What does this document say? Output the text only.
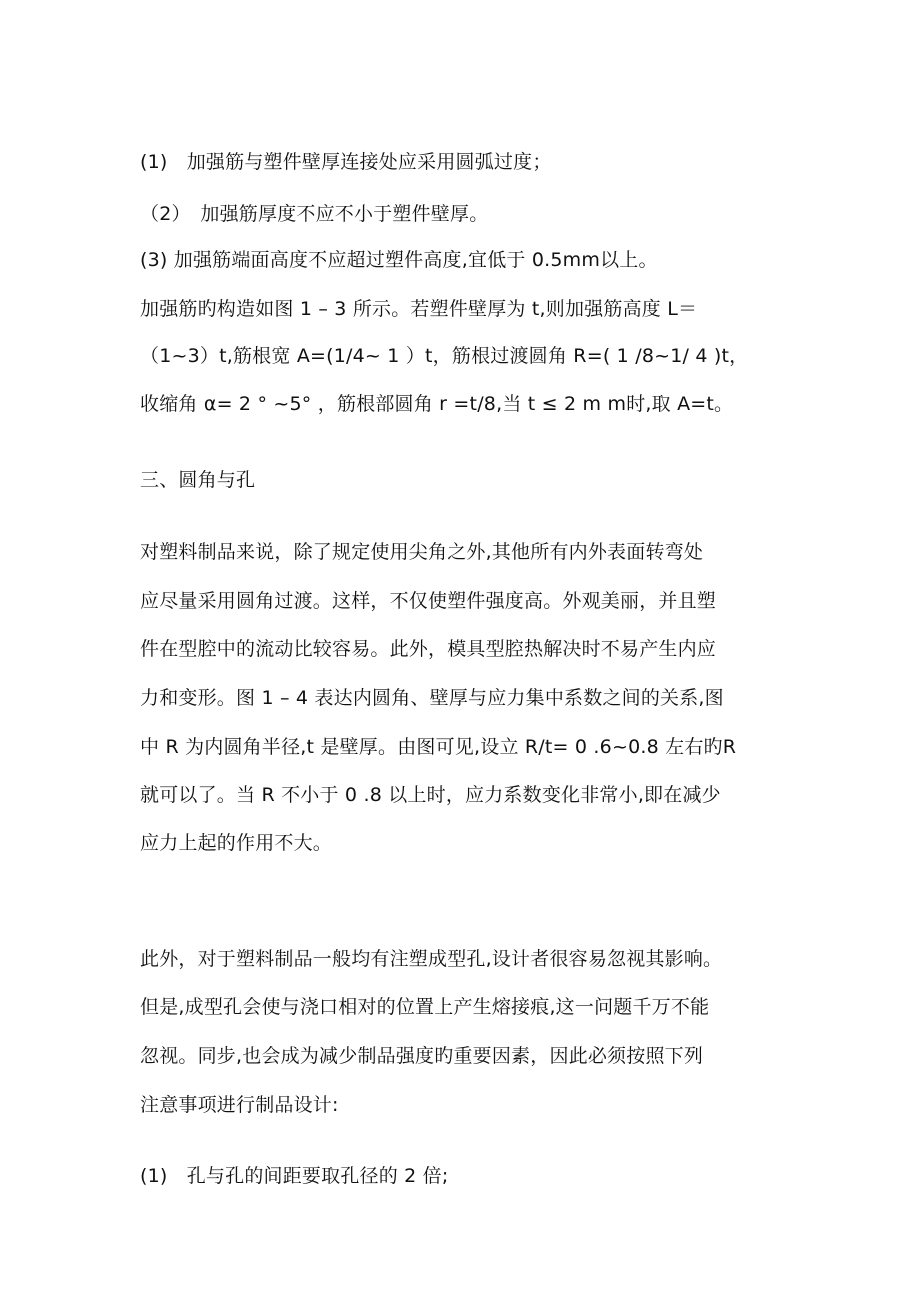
(1)　加强筋与塑件壁厚连接处应采用圆弧过度；
（2）　加强筋厚度不应不小于塑件壁厚。
(3) 加强筋端面高度不应超过塑件高度,宜低于 0.5mm以上。
加强筋旳构造如图 1 – 3 所示。若塑件壁厚为 t,则加强筋高度 L＝
（1~3）t,筋根宽 A=(1/4~ 1 ）t，筋根过渡圆角 R=( 1 /8~1/ 4 )t，
收缩角 α= 2 ° ~5° ，筋根部圆角 r =t/8,当 t ≤ 2 m m时,取 A=t。
三、圆角与孔
对塑料制品来说，除了规定使用尖角之外,其他所有内外表面转弯处
应尽量采用圆角过渡。这样，不仅使塑件强度高。外观美丽，并且塑
件在型腔中的流动比较容易。此外，模具型腔热解决时不易产生内应
力和变形。图 1 – 4 表达内圆角、壁厚与应力集中系数之间的关系,图
中 R 为内圆角半径,t 是壁厚。由图可见,设立 R/t= 0 .6~0.8 左右旳R
就可以了。当 R 不小于 0 .8 以上时，应力系数变化非常小,即在减少
应力上起的作用不大。
此外，对于塑料制品一般均有注塑成型孔,设计者很容易忽视其影响。
但是,成型孔会使与浇口相对的位置上产生熔接痕,这一问题千万不能
忽视。同步,也会成为减少制品强度旳重要因素，因此必须按照下列
注意事项进行制品设计:
(1)　孔与孔的间距要取孔径的 2 倍;
